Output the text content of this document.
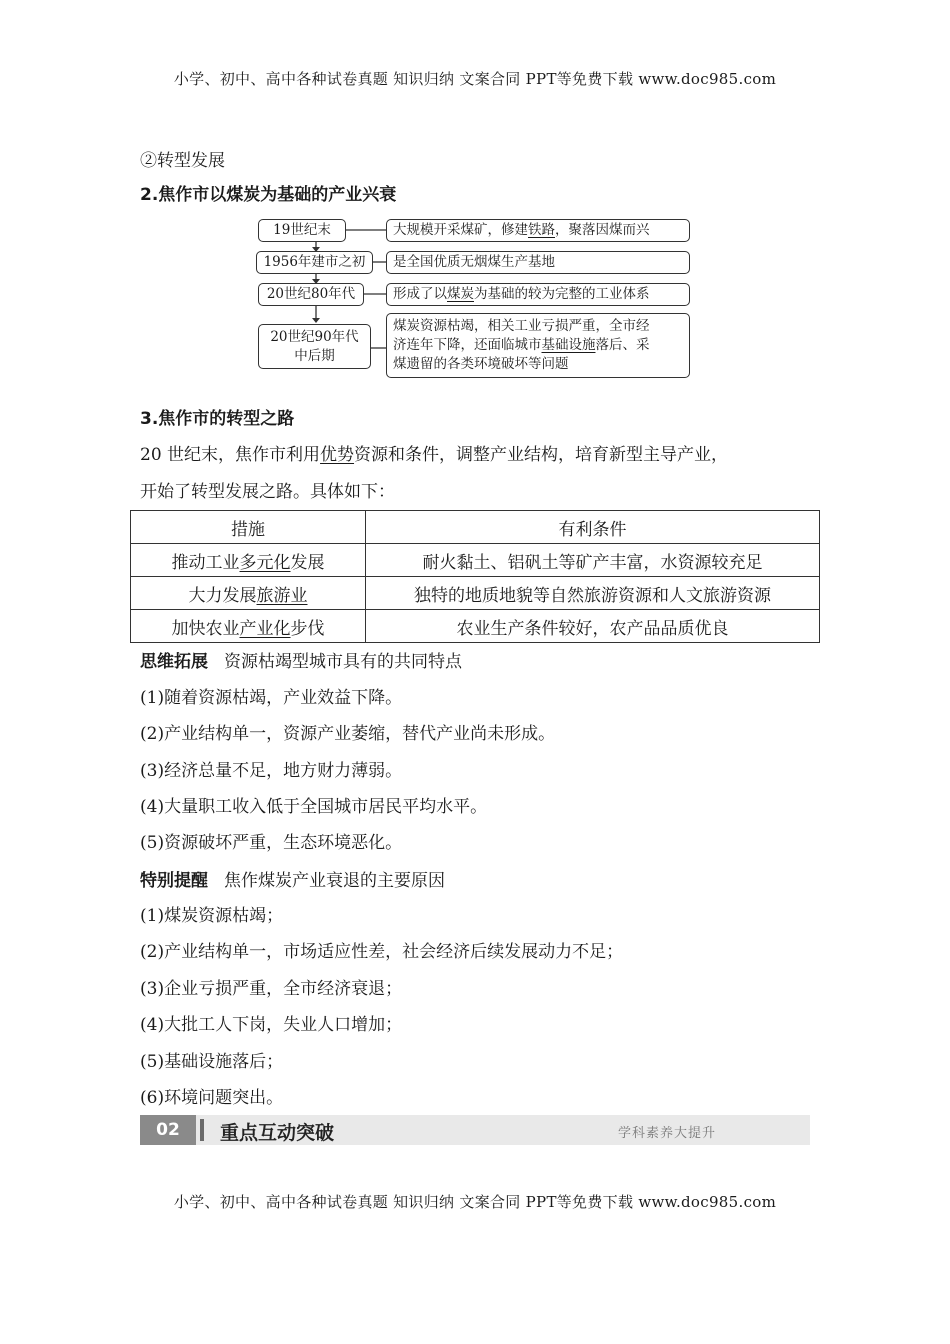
小学、初中、高中各种试卷真题 知识归纳 文案合同 PPT等免费下载 www.doc985.com
②转型发展
2.焦作市以煤炭为基础的产业兴衰
19世纪末	大规模开采煤矿，修建 铁路 ，聚落因煤而兴
1956年建市之初 是全国优质无烟煤生产基地
20世纪80年代	形成了以 煤炭 为基础的较为完整的工业体系
20世纪90年代
中后期
煤炭资源枯竭，相关工业亏损严重，全市经
济连年下降，还面临城市基础设施落后、采
煤遗留的各类环境破坏等问题
3.焦作市的转型之路
20 世纪末，焦作市利用优势资源和条件，调整产业结构，培育新型主导产业，
开始了转型发展之路。具体如下：
措施	有利条件
推动工业多元化发展	耐火黏土、铝矾土等矿产丰富，水资源较充足
大力发展旅游业	独特的地质地貌等自然旅游资源和人文旅游资源
加快农业产业化步伐	农业生产条件较好，农产品品质优良
思维拓展 资源枯竭型城市具有的共同特点
(1)随着资源枯竭，产业效益下降。
(2)产业结构单一，资源产业萎缩，替代产业尚未形成。
(3)经济总量不足，地方财力薄弱。
(4)大量职工收入低于全国城市居民平均水平。
(5)资源破坏严重，生态环境恶化。
特别提醒 焦作煤炭产业衰退的主要原因
(1)煤炭资源枯竭；
(2)产业结构单一，市场适应性差，社会经济后续发展动力不足；
(3)企业亏损严重，全市经济衰退；
(4)大批工人下岗，失业人口增加；
(5)基础设施落后；
(6)环境问题突出。
02	重点互动突破	学科素养大提升
小学、初中、高中各种试卷真题 知识归纳 文案合同 PPT等免费下载 www.doc985.com
